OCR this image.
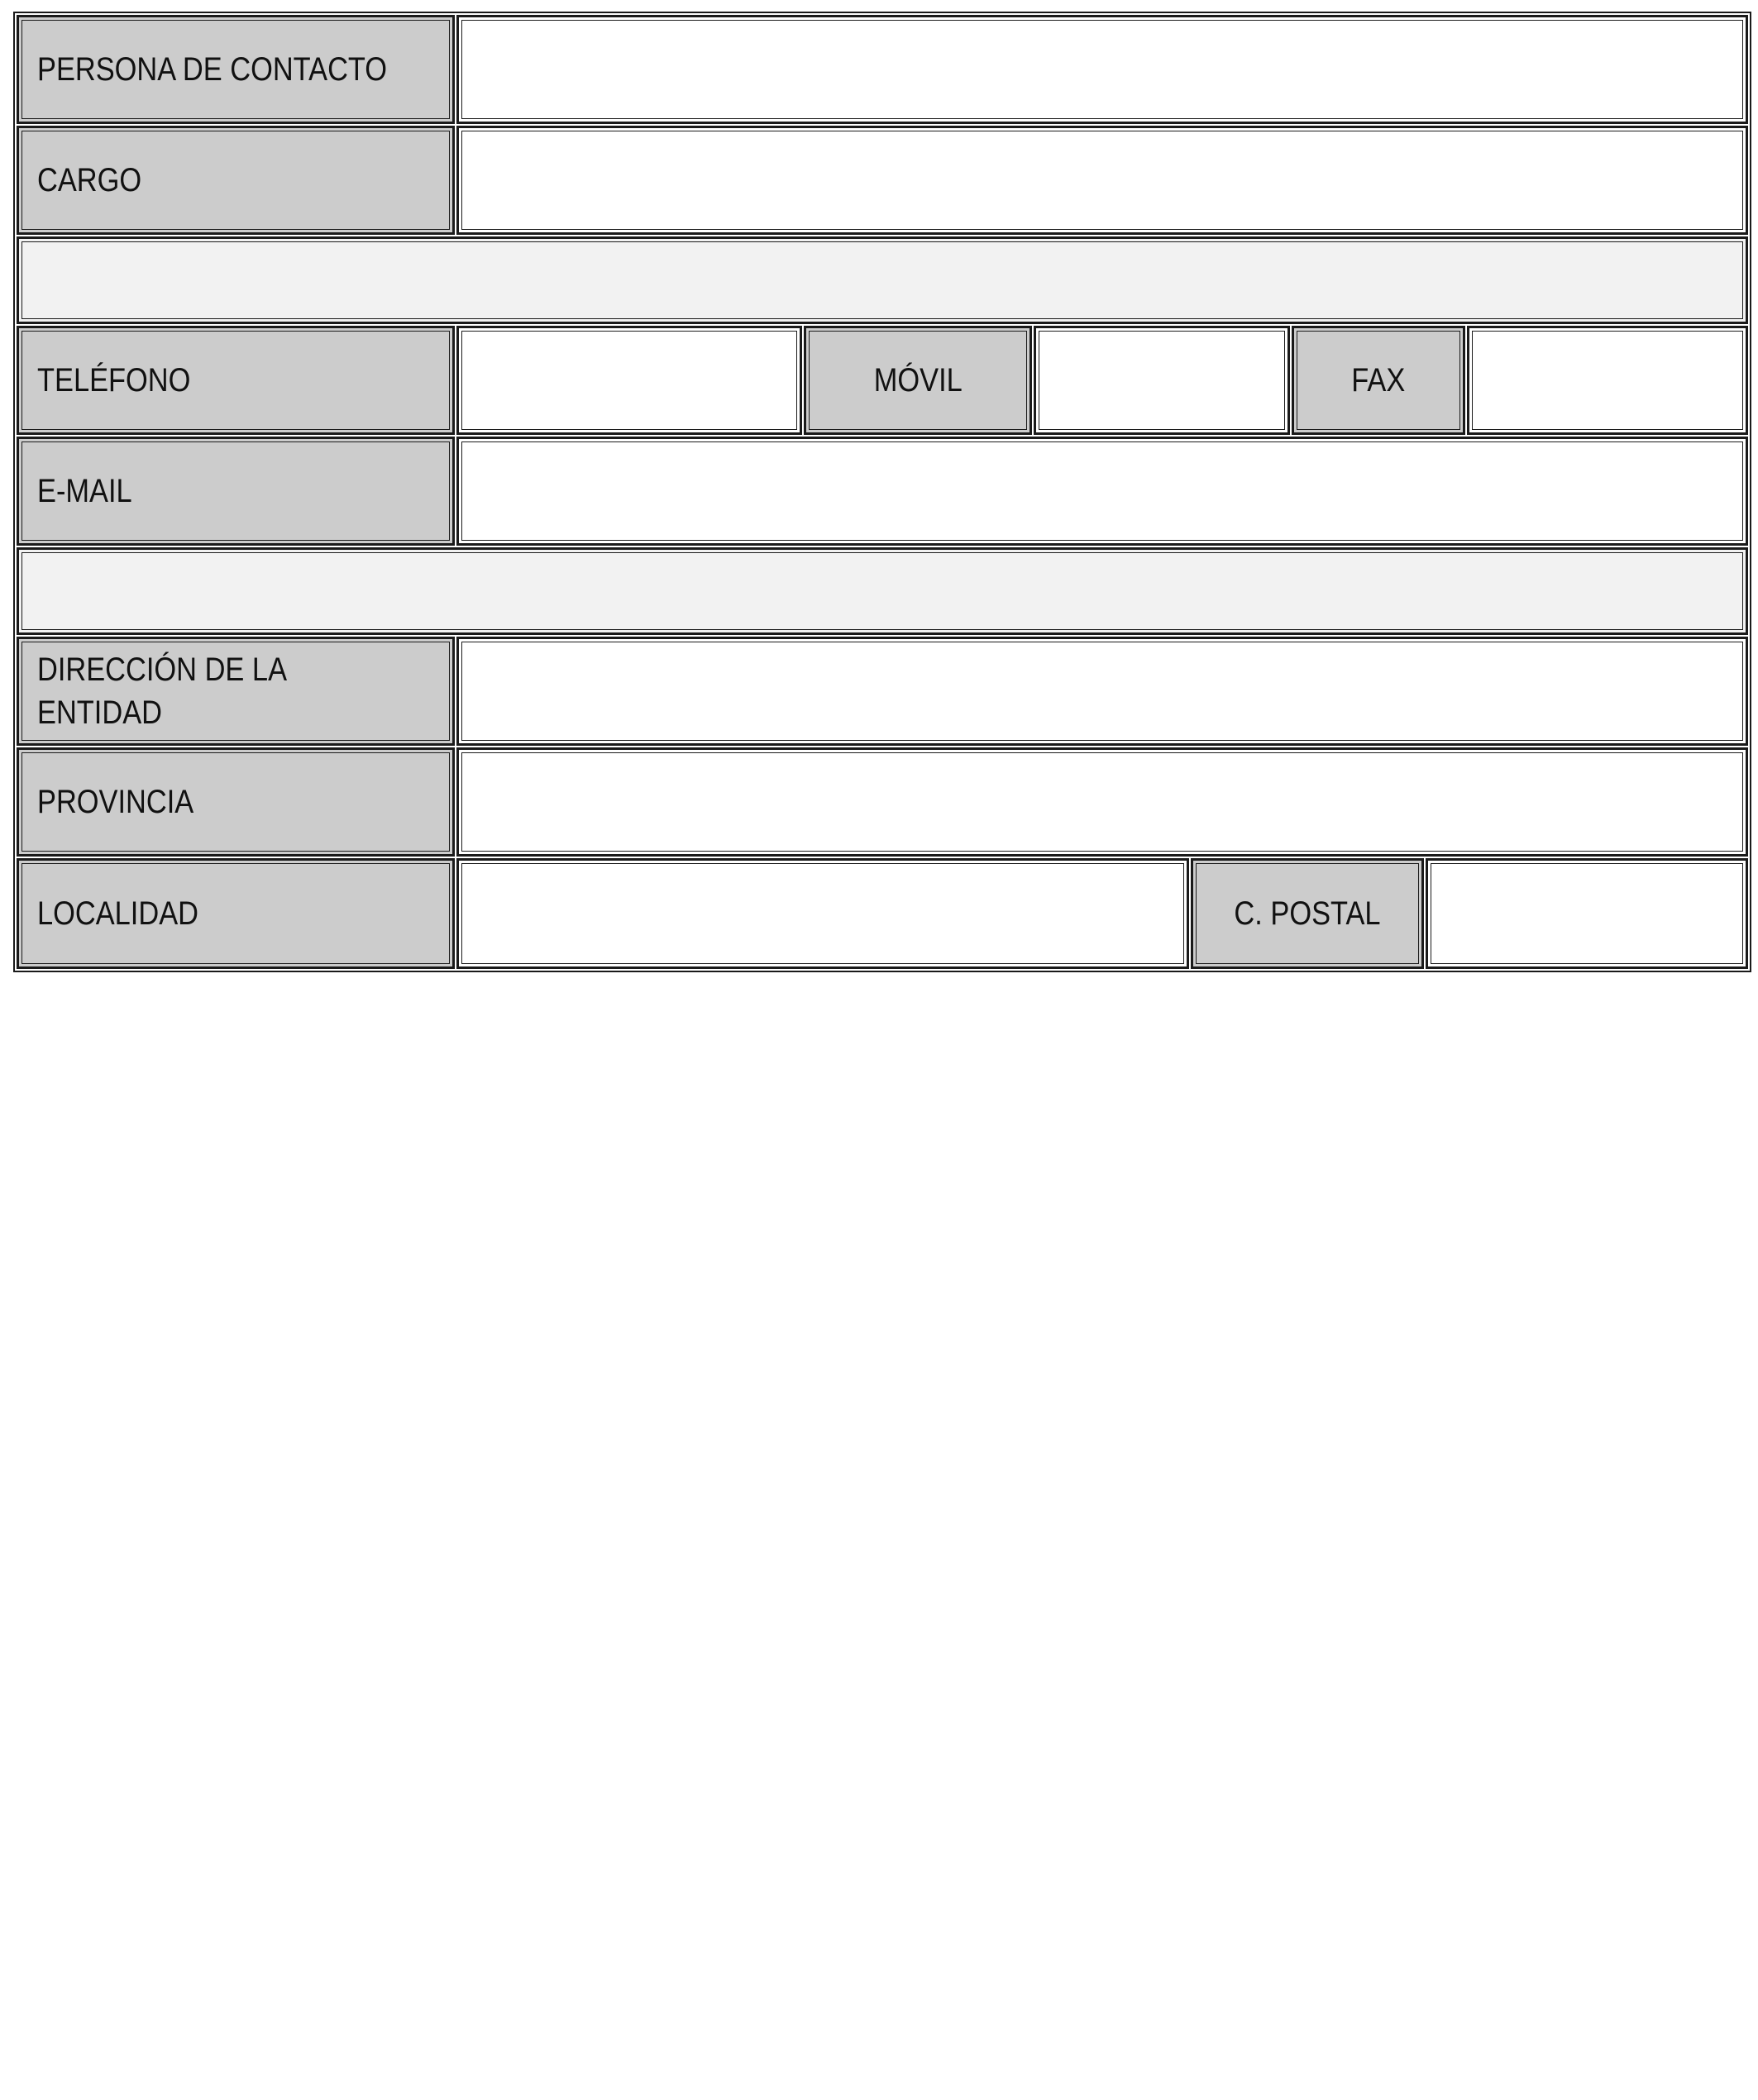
PERSONA DE CONTACTO
CARGO
TELÉFONO	MÓVIL	FAX
E-MAIL
DIRECCIÓN DE LA ENTIDAD
PROVINCIA
LOCALIDAD	C. POSTAL
